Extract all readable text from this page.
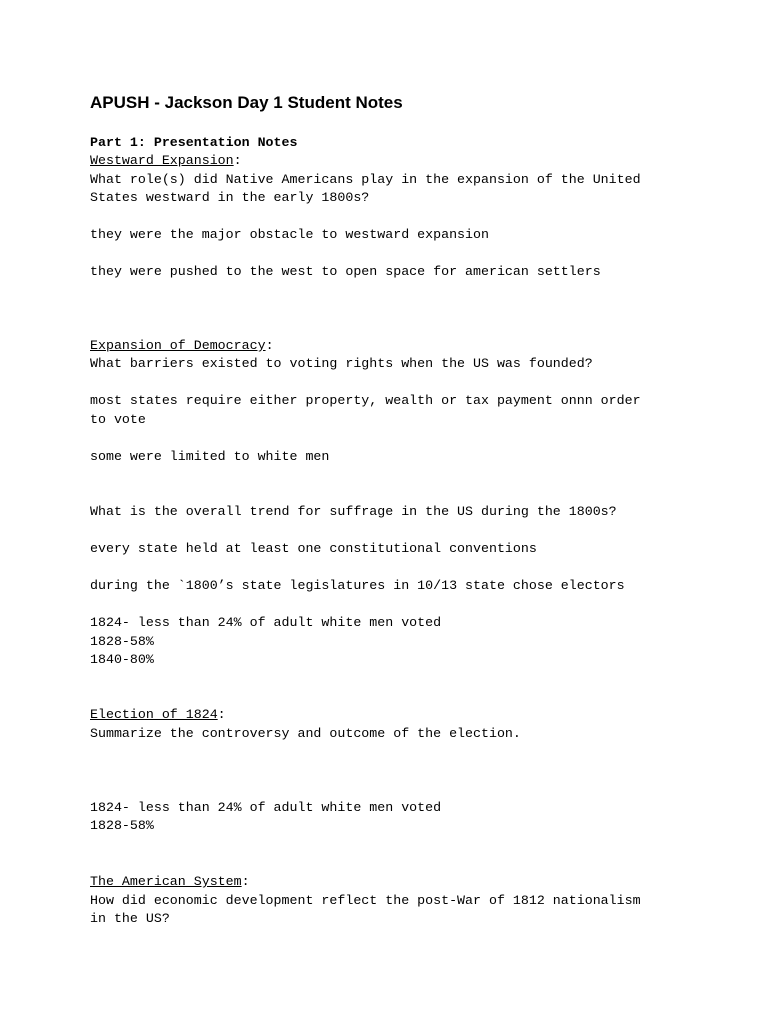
APUSH - Jackson Day 1 Student Notes
Part 1: Presentation Notes
Westward Expansion:
What role(s) did Native Americans play in the expansion of the United
States westward in the early 1800s?
they were the major obstacle to westward expansion
they were pushed to the west to open space for american settlers
Expansion of Democracy:
What barriers existed to voting rights when the US was founded?
most states require either property, wealth or tax payment onnn order
to vote
some were limited to white men
What is the overall trend for suffrage in the US during the 1800s?
every state held at least one constitutional conventions
during the `1800’s state legislatures in 10/13 state chose electors
1824- less than 24% of adult white men voted
1828-58%
1840-80%
Election of 1824:
Summarize the controversy and outcome of the election.
1824- less than 24% of adult white men voted
1828-58%
The American System:
How did economic development reflect the post-War of 1812 nationalism
in the US?
